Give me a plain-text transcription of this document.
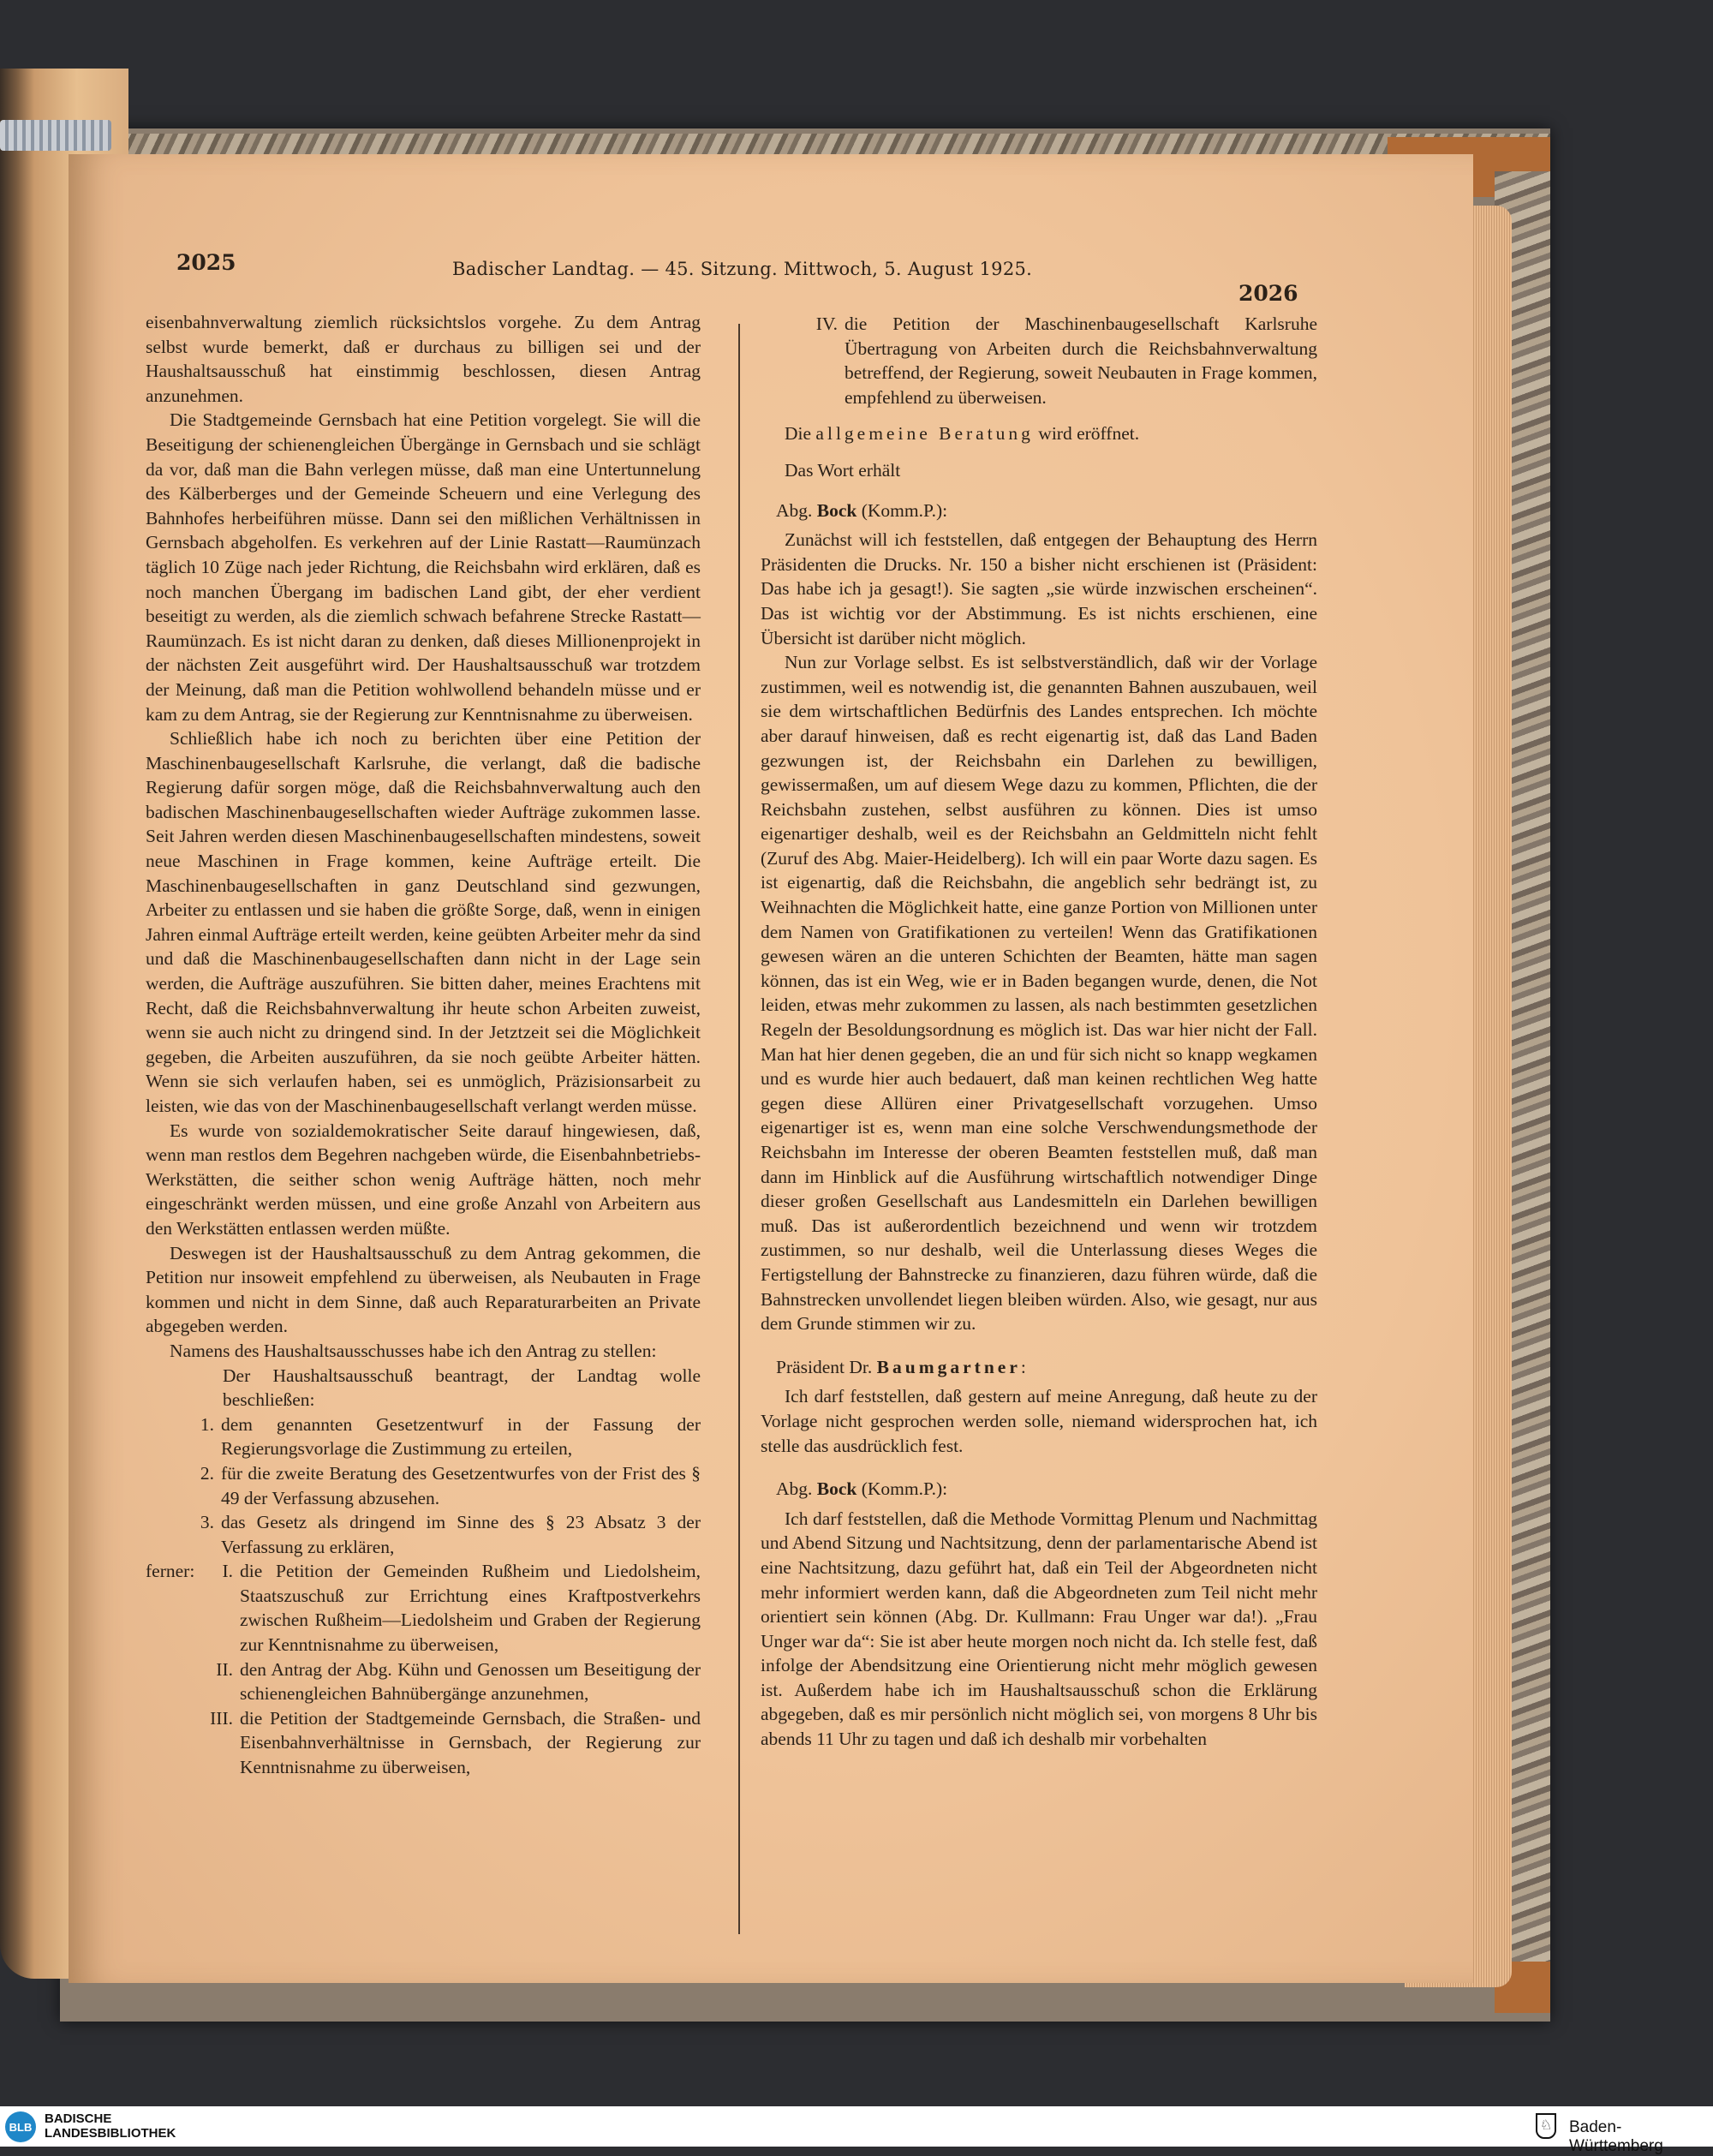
2025	Badischer Landtag. — 45. Sitzung. Mittwoch, 5. August 1925.
2026

eisenbahnverwaltung ziemlich rücksichtslos vorgehe. Zu dem Antrag selbst wurde bemerkt, daß er durchaus zu billigen sei und der Haushaltsausschuß hat einstimmig beschlossen, diesen Antrag anzunehmen.

Die Stadtgemeinde Gernsbach hat eine Petition vorgelegt. Sie will die Beseitigung der schienengleichen Übergänge in Gernsbach und sie schlägt da vor, daß man die Bahn verlegen müsse, daß man eine Untertunnelung des Kälberberges und der Gemeinde Scheuern und eine Verlegung des Bahnhofes herbeiführen müsse. Dann sei den mißlichen Verhältnissen in Gernsbach abgeholfen. Es verkehren auf der Linie Rastatt—Raumünzach täglich 10 Züge nach jeder Richtung, die Reichsbahn wird erklären, daß es noch manchen Übergang im badischen Land gibt, der eher verdient beseitigt zu werden, als die ziemlich schwach befahrene Strecke Rastatt—Raumünzach. Es ist nicht daran zu denken, daß dieses Millionenprojekt in der nächsten Zeit ausgeführt wird. Der Haushaltsausschuß war trotzdem der Meinung, daß man die Petition wohlwollend behandeln müsse und er kam zu dem Antrag, sie der Regierung zur Kenntnisnahme zu überweisen.

Schließlich habe ich noch zu berichten über eine Petition der Maschinenbaugesellschaft Karlsruhe, die verlangt, daß die badische Regierung dafür sorgen möge, daß die Reichsbahnverwaltung auch den badischen Maschinenbaugesellschaften wieder Aufträge zukommen lasse. Seit Jahren werden diesen Maschinenbaugesellschaften mindestens, soweit neue Maschinen in Frage kommen, keine Aufträge erteilt. Die Maschinenbaugesellschaften in ganz Deutschland sind gezwungen, Arbeiter zu entlassen und sie haben die größte Sorge, daß, wenn in einigen Jahren einmal Aufträge erteilt werden, keine geübten Arbeiter mehr da sind und daß die Maschinenbaugesellschaften dann nicht in der Lage sein werden, die Aufträge auszuführen. Sie bitten daher, meines Erachtens mit Recht, daß die Reichsbahnverwaltung ihr heute schon Arbeiten zuweist, wenn sie auch nicht zu dringend sind. In der Jetztzeit sei die Möglichkeit gegeben, die Arbeiten auszuführen, da sie noch geübte Arbeiter hätten. Wenn sie sich verlaufen haben, sei es unmöglich, Präzisionsarbeit zu leisten, wie das von der Maschinenbaugesellschaft verlangt werden müsse.

Es wurde von sozialdemokratischer Seite darauf hingewiesen, daß, wenn man restlos dem Begehren nachgeben würde, die Eisenbahnbetriebs-Werkstätten, die seither schon wenig Aufträge hätten, noch mehr eingeschränkt werden müssen, und eine große Anzahl von Arbeitern aus den Werkstätten entlassen werden müßte.

Deswegen ist der Haushaltsausschuß zu dem Antrag gekommen, die Petition nur insoweit empfehlend zu überweisen, als Neubauten in Frage kommen und nicht in dem Sinne, daß auch Reparaturarbeiten an Private abgegeben werden.

Namens des Haushaltsausschusses habe ich den Antrag zu stellen:

Der Haushaltsausschuß beantragt, der Landtag wolle beschließen:

1. dem genannten Gesetzentwurf in der Fassung der Regierungsvorlage die Zustimmung zu erteilen,
2. für die zweite Beratung des Gesetzentwurfes von der Frist des § 49 der Verfassung abzusehen.
3. das Gesetz als dringend im Sinne des § 23 Absatz 3 der Verfassung zu erklären,
ferner:	I. die Petition der Gemeinden Rußheim und Liedolsheim, Staatszuschuß zur Errichtung eines Kraftpostverkehrs zwischen Rußheim—Liedolsheim und Graben der Regierung zur Kenntnisnahme zu überweisen,
II. den Antrag der Abg. Kühn und Genossen um Beseitigung der schienengleichen Bahnübergänge anzunehmen,
III. die Petition der Stadtgemeinde Gernsbach, die Straßen- und Eisenbahnverhältnisse in Gernsbach, der Regierung zur Kenntnisnahme zu überweisen,
IV. die Petition der Maschinenbaugesellschaft Karlsruhe Übertragung von Arbeiten durch die Reichsbahnverwaltung betreffend, der Regierung, soweit Neubauten in Frage kommen, empfehlend zu überweisen.

Die allgemeine Beratung wird eröffnet.

Das Wort erhält

Abg. Bock (Komm.P.):

Zunächst will ich feststellen, daß entgegen der Behauptung des Herrn Präsidenten die Drucks. Nr. 150 a bisher nicht erschienen ist (Präsident: Das habe ich ja gesagt!). Sie sagten „sie würde inzwischen erscheinen“. Das ist wichtig vor der Abstimmung. Es ist nichts erschienen, eine Übersicht ist darüber nicht möglich.

Nun zur Vorlage selbst. Es ist selbstverständlich, daß wir der Vorlage zustimmen, weil es notwendig ist, die genannten Bahnen auszubauen, weil sie dem wirtschaftlichen Bedürfnis des Landes entsprechen. Ich möchte aber darauf hinweisen, daß es recht eigenartig ist, daß das Land Baden gezwungen ist, der Reichsbahn ein Darlehen zu bewilligen, gewissermaßen, um auf diesem Wege dazu zu kommen, Pflichten, die der Reichsbahn zustehen, selbst ausführen zu können. Dies ist umso eigenartiger deshalb, weil es der Reichsbahn an Geldmitteln nicht fehlt (Zuruf des Abg. Maier-Heidelberg). Ich will ein paar Worte dazu sagen. Es ist eigenartig, daß die Reichsbahn, die angeblich sehr bedrängt ist, zu Weihnachten die Möglichkeit hatte, eine ganze Portion von Millionen unter dem Namen von Gratifikationen zu verteilen! Wenn das Gratifikationen gewesen wären an die unteren Schichten der Beamten, hätte man sagen können, das ist ein Weg, wie er in Baden begangen wurde, denen, die Not leiden, etwas mehr zukommen zu lassen, als nach bestimmten gesetzlichen Regeln der Besoldungsordnung es möglich ist. Das war hier nicht der Fall. Man hat hier denen gegeben, die an und für sich nicht so knapp wegkamen und es wurde hier auch bedauert, daß man keinen rechtlichen Weg hatte gegen diese Allüren einer Privatgesellschaft vorzugehen. Umso eigenartiger ist es, wenn man eine solche Verschwendungsmethode der Reichsbahn im Interesse der oberen Beamten feststellen muß, daß man dann im Hinblick auf die Ausführung wirtschaftlich notwendiger Dinge dieser großen Gesellschaft aus Landesmitteln ein Darlehen bewilligen muß. Das ist außerordentlich bezeichnend und wenn wir trotzdem zustimmen, so nur deshalb, weil die Unterlassung dieses Weges die Fertigstellung der Bahnstrecke zu finanzieren, dazu führen würde, daß die Bahnstrecken unvollendet liegen bleiben würden. Also, wie gesagt, nur aus dem Grunde stimmen wir zu.

Präsident Dr. Baumgartner:

Ich darf feststellen, daß gestern auf meine Anregung, daß heute zu der Vorlage nicht gesprochen werden solle, niemand widersprochen hat, ich stelle das ausdrücklich fest.

Abg. Bock (Komm.P.):

Ich darf feststellen, daß die Methode Vormittag Plenum und Nachmittag und Abend Sitzung und Nachtsitzung, denn der parlamentarische Abend ist eine Nachtsitzung, dazu geführt hat, daß ein Teil der Abgeordneten nicht mehr informiert werden kann, daß die Abgeordneten zum Teil nicht mehr orientiert sein können (Abg. Dr. Kullmann: Frau Unger war da!). „Frau Unger war da“: Sie ist aber heute morgen noch nicht da. Ich stelle fest, daß infolge der Abendsitzung eine Orientierung nicht mehr möglich gewesen ist. Außerdem habe ich im Haushaltsausschuß schon die Erklärung abgegeben, daß es mir persönlich nicht möglich sei, von morgens 8 Uhr bis abends 11 Uhr zu tagen und daß ich deshalb mir vorbehalten

BLB
BADISCHE
LANDESBIBLIOTHEK
♘ Baden-Württemberg
